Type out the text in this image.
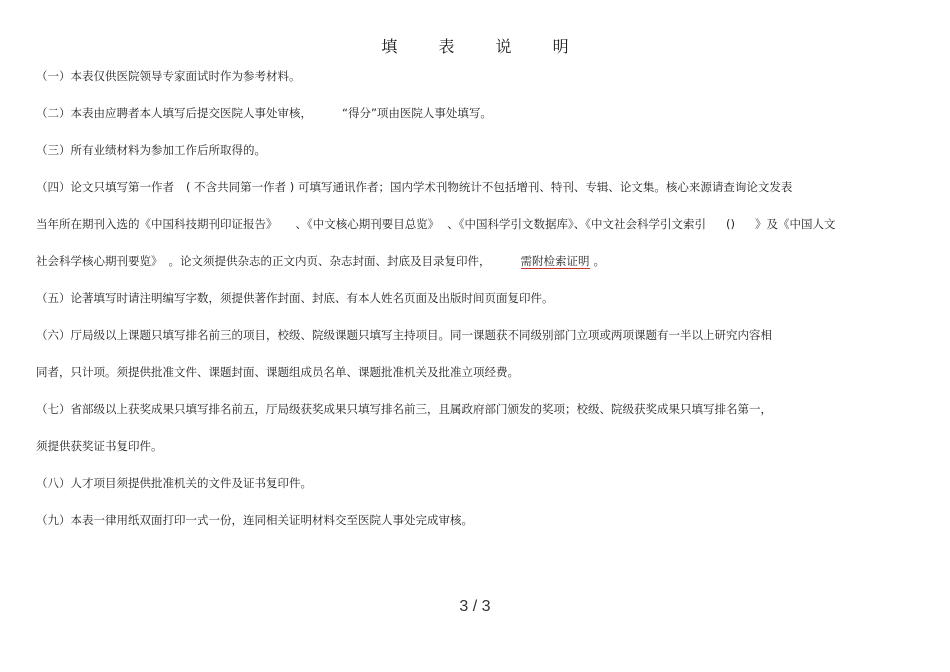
填 表 说 明
（一）本表仅供医院领导专家面试时作为参考材料。
（二）本表由应聘者本人填写后提交医院人事处审核，	“得分”项由医院人事处填写。
（三）所有业绩材料为参加工作后所取得的。
（四）论文只填写第一作者 ( 不含共同第一作者 ) 可填写通讯作者；国内学术刊物统计不包括增刊、特刊、专辑、论文集。核心来源请查询论文发表
当年所在期刊入选的《中国科技期刊印证报告》 、《中文核心期刊要目总览》 、《中国科学引文数据库》、《中文社会科学引文索引 () 》及《中国人文
社会科学核心期刊要览》 。论文须提供杂志的正文内页、杂志封面、封底及目录复印件，	需附检索证明 。
（五）论著填写时请注明编写字数，须提供著作封面、封底、有本人姓名页面及出版时间页面复印件。
（六）厅局级以上课题只填写排名前三的项目，校级、院级课题只填写主持项目。同一课题获不同级别部门立项或两项课题有一半以上研究内容相
同者，只计项。须提供批准文件、课题封面、课题组成员名单、课题批准机关及批准立项经费。
（七）省部级以上获奖成果只填写排名前五，厅局级获奖成果只填写排名前三，且属政府部门颁发的奖项；校级、院级获奖成果只填写排名第一，
须提供获奖证书复印件。
（八）人才项目须提供批准机关的文件及证书复印件。
（九）本表一律用纸双面打印一式一份，连同相关证明材料交至医院人事处完成审核。
3 / 3
